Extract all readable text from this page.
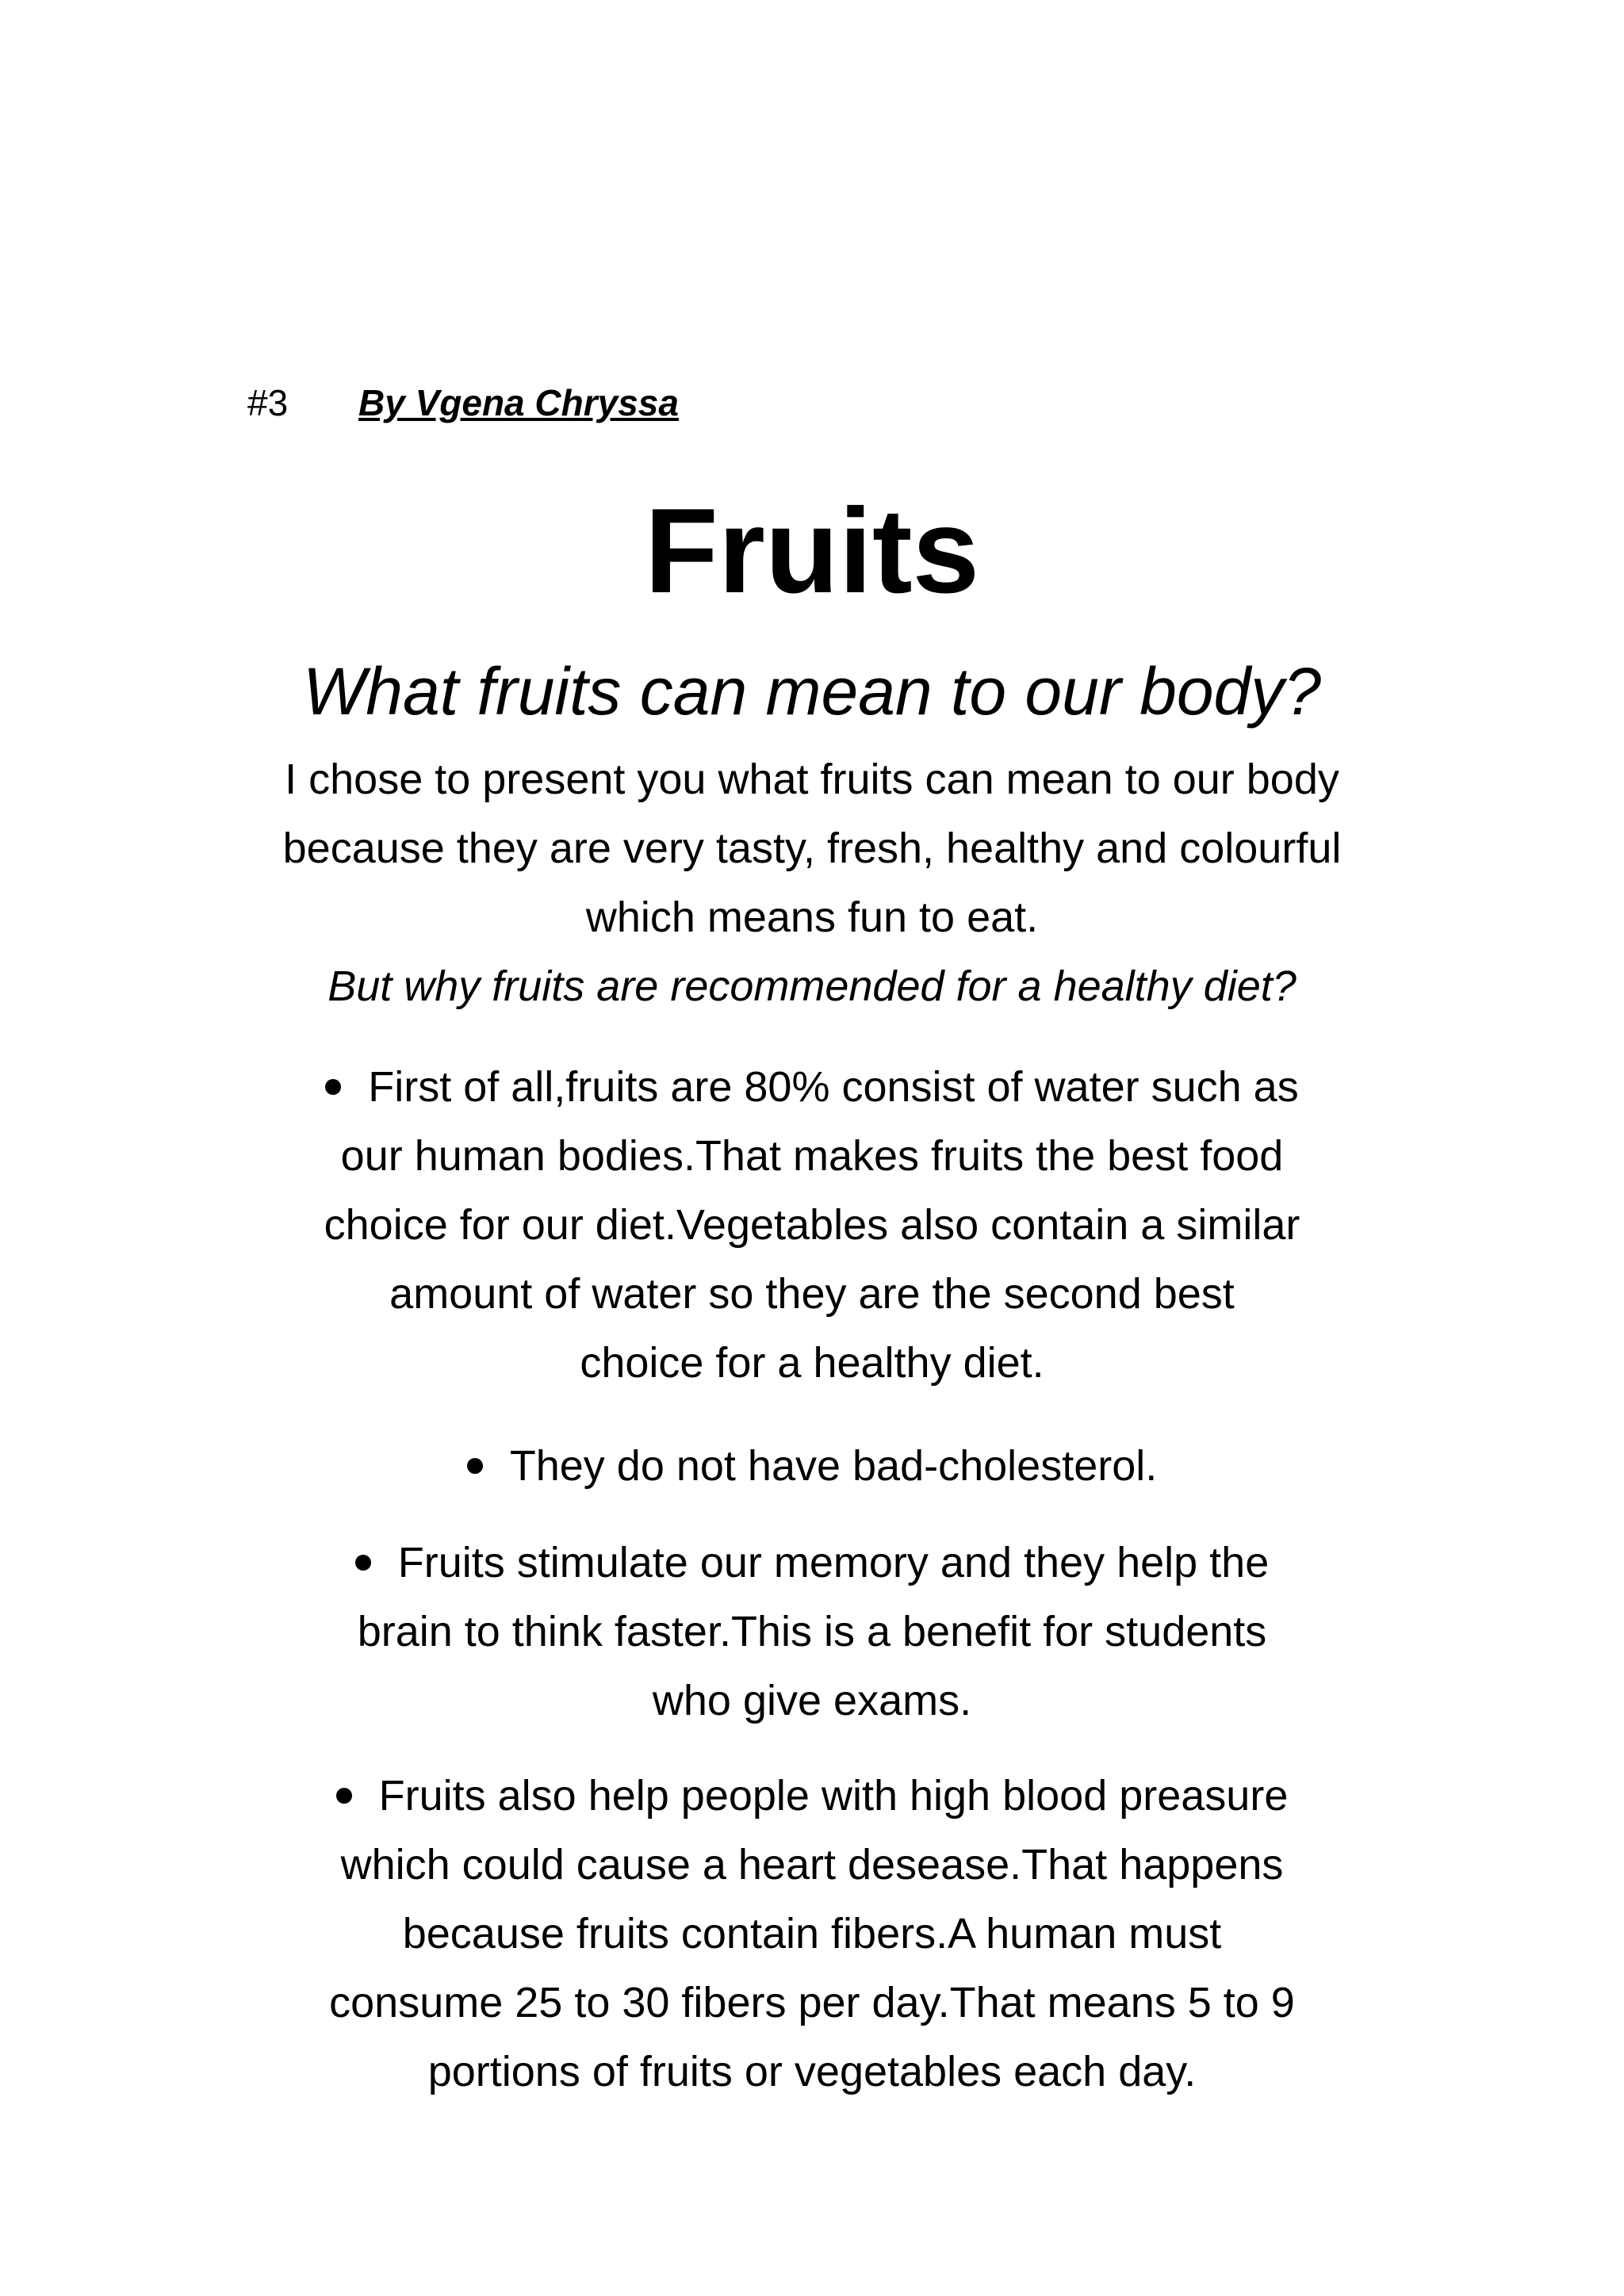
#3 By Vgena Chryssa
Fruits
What fruits can mean to our body?
I chose to present you what fruits can mean to our body
because they are very tasty, fresh, healthy and colourful
which means fun to eat.
But why fruits are recommended for a healthy diet?
First of all,fruits are 80% consist of water such as
our human bodies.That makes fruits the best food
choice for our diet.Vegetables also contain a similar
amount of water so they are the second best
choice for a healthy diet.
They do not have bad-cholesterol.
Fruits stimulate our memory and they help the
brain to think faster.This is a benefit for students
who give exams.
Fruits also help people with high blood preasure
which could cause a heart desease.That happens
because fruits contain fibers.A human must
consume 25 to 30 fibers per day.That means 5 to 9
portions of fruits or vegetables each day.
